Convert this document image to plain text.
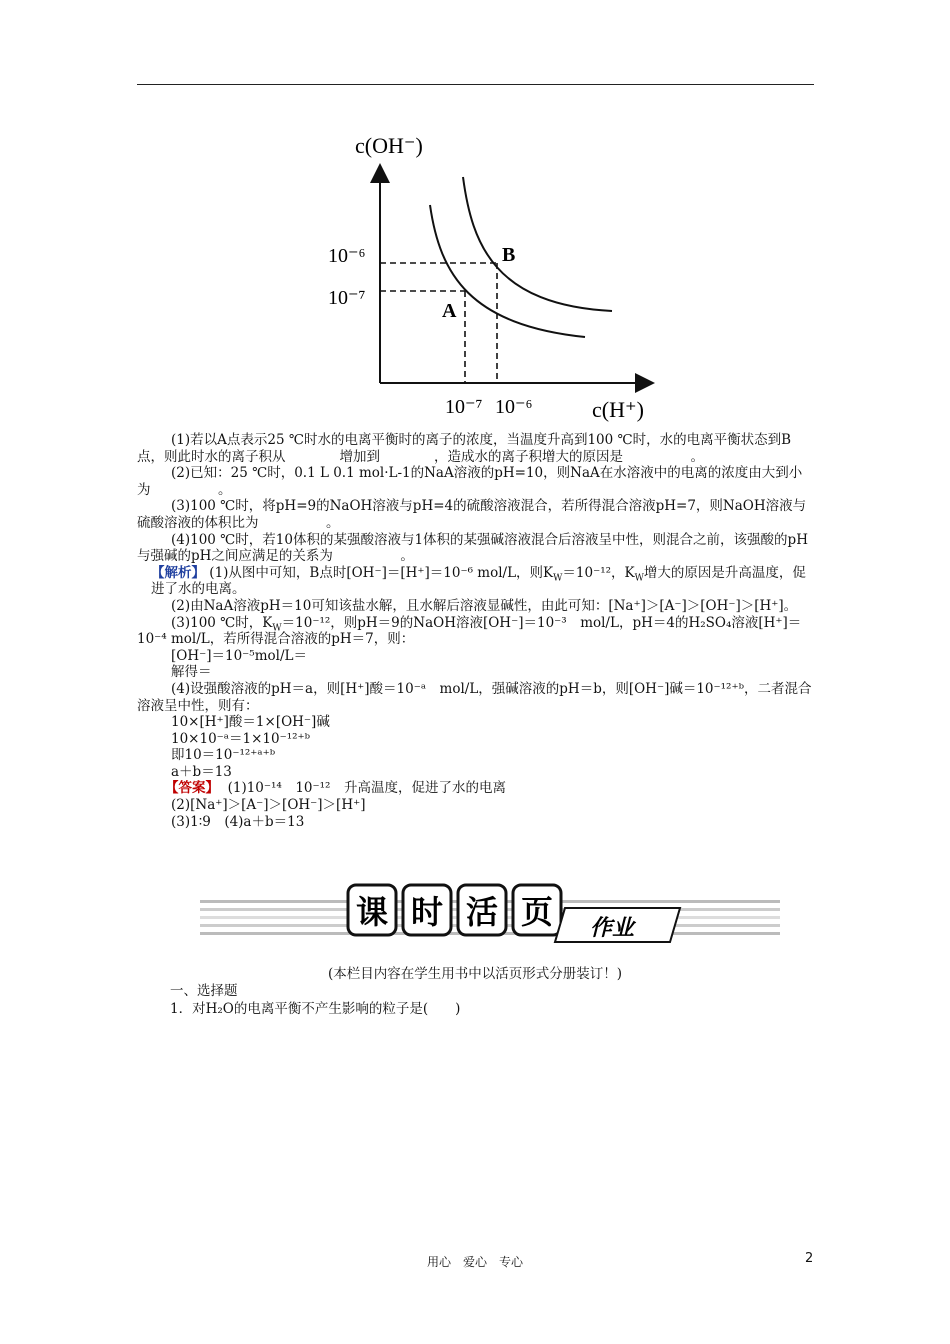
c(OH⁻)
c(H⁺)
10⁻⁶
10⁻⁷
10⁻⁷ 10⁻⁶
A
B

(1)若以A点表示25 ℃时水的电离平衡时的离子的浓度，当温度升高到100 ℃时，水的电离平衡状态到B点，则此时水的离子积从　　　　增加到　　　　，造成水的离子积增大的原因是　　　　　。

(2)已知：25 ℃时，0.1 L 0.1 mol·L-1的NaA溶液的pH=10，则NaA在水溶液中的电离的浓度由大到小为　　　　　。

(3)100 ℃时，将pH=9的NaOH溶液与pH=4的硫酸溶液混合，若所得混合溶液pH=7，则NaOH溶液与硫酸溶液的体积比为　　　　　。

(4)100 ℃时，若10体积的某强酸溶液与1体积的某强碱溶液混合后溶液呈中性，则混合之前，该强酸的pH与强碱的pH之间应满足的关系为　　　　　。

【解析】 (1)从图中可知，B点时[OH⁻]＝[H⁺]＝10⁻⁶ mol/L，则$K_W=10^{-12}$，$K_W$增大的原因是升高温度，促进了水的电离。

(2)由NaA溶液pH＝10可知该盐水解，且水解后溶液显碱性，由此可知：[Na⁺]＞[A⁻]＞[OH⁻]＞[H⁺]。

(3)100 ℃时，$K_W=10^{-12}$，则pH＝9的NaOH溶液[OH⁻]＝10⁻³　mol/L，pH＝4的H₂SO₄溶液[H⁺]＝10⁻⁴ mol/L，若所得混合溶液的pH＝7，则：

[OH⁻]＝10⁻⁵mol/L＝

解得＝

(4)设强酸溶液的pH＝a，则[H⁺]酸＝10⁻ᵃ　mol/L，强碱溶液的pH＝b，则[OH⁻]碱＝10⁻¹²⁺ᵇ，二者混合溶液呈中性，则有：

10×[H⁺]酸＝1×[OH⁻]碱

10×10⁻ᵃ＝1×10⁻¹²⁺ᵇ

即10＝10⁻¹²⁺ᵃ⁺ᵇ

a＋b＝13

【答案】 (1)10⁻¹⁴　10⁻¹²　升高温度，促进了水的电离

(2)[Na⁺]＞[A⁻]＞[OH⁻]＞[H⁺]

(3)1∶9　(4)a＋b＝13

课 时 活 页 作业
(本栏目内容在学生用书中以活页形式分册装订！)
一、选择题
1．对H₂O的电离平衡不产生影响的粒子是(　　)
用心　爱心　专心	2
